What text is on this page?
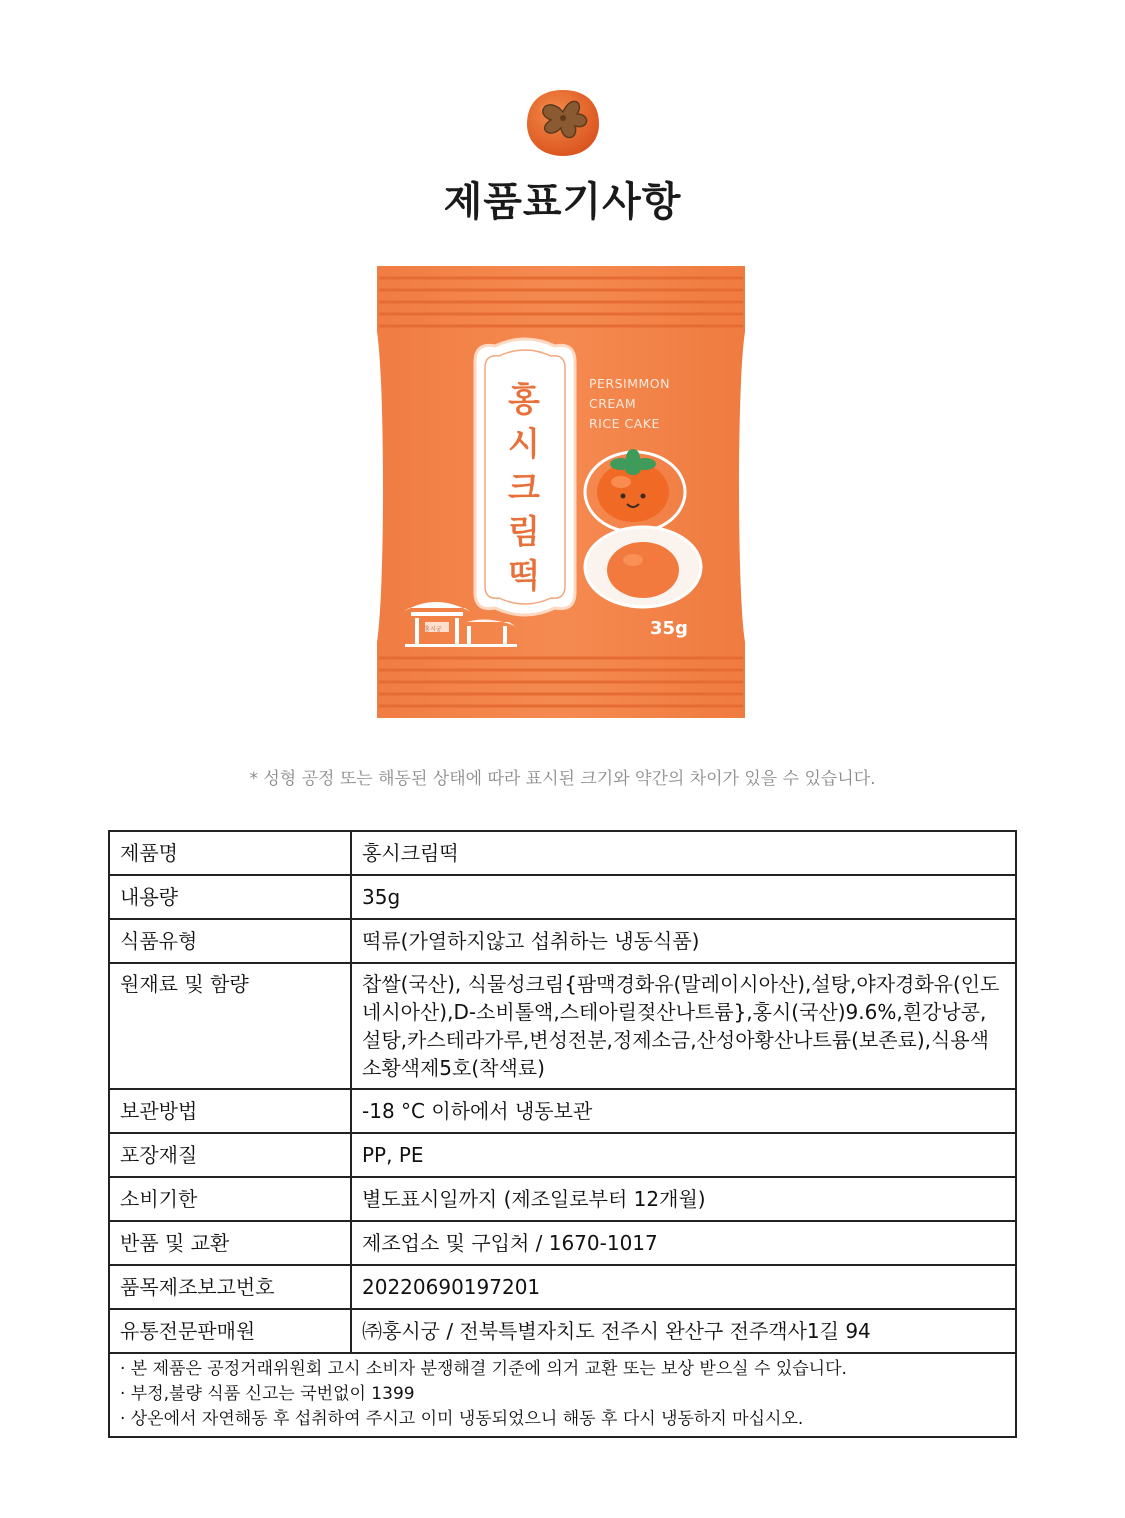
제품표기사항
PERSIMMON
CREAM
RICE CAKE
홍
시
크
림
떡
홍시궁	35g
* 성형 공정 또는 해동된 상태에 따라 표시된 크기와 약간의 차이가 있을 수 있습니다.
제품명	홍시크림떡
내용량	35g
식품유형	떡류(가열하지않고 섭취하는 냉동식품)
원재료 및 함량	찹쌀(국산), 식물성크림{팜맥경화유(말레이시아산),설탕,야자경화유(인도
네시아산),D-소비톨액,스테아릴젖산나트륨},홍시(국산)9.6%,흰강낭콩,
설탕,카스테라가루,변성전분,정제소금,산성아황산나트륨(보존료),식용색
소황색제5호(착색료)

보관방법	-18 °C 이하에서 냉동보관
포장재질	PP, PE
소비기한	별도표시일까지 (제조일로부터 12개월)
반품 및 교환	제조업소 및 구입처 / 1670-1017
품목제조보고번호	20220690197201
유통전문판매원	㈜홍시궁 / 전북특별자치도 전주시 완산구 전주객사1길 94

· 본 제품은 공정거래위원회 고시 소비자 분쟁해결 기준에 의거 교환 또는 보상 받으실 수 있습니다.
· 부정,불량 식품 신고는 국번없이 1399
· 상온에서 자연해동 후 섭취하여 주시고 이미 냉동되었으니 해동 후 다시 냉동하지 마십시오.	
